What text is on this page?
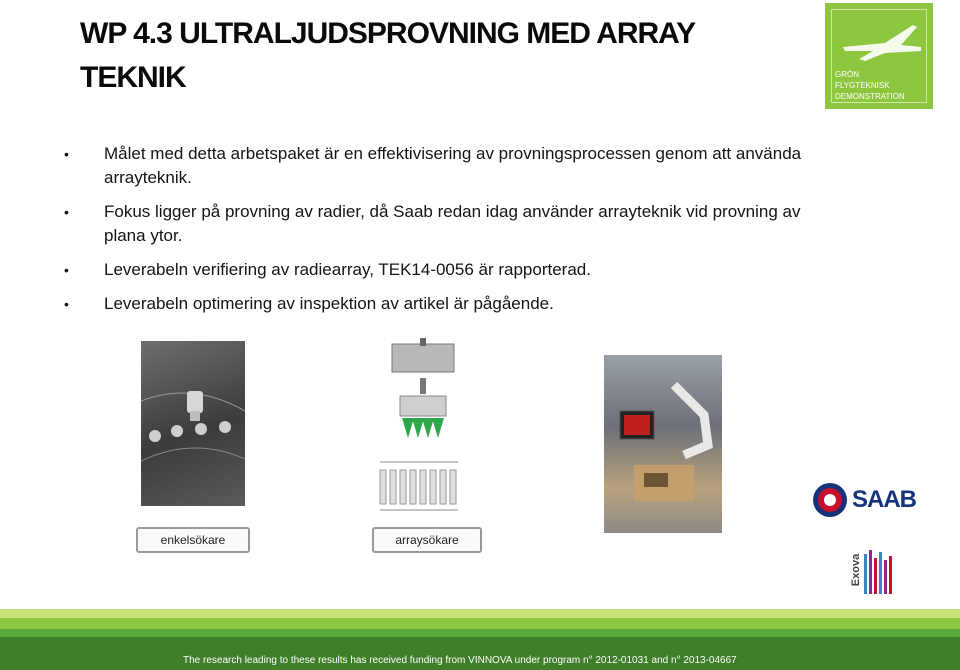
WP 4.3 ULTRALJUDSPROVNING MED ARRAY TEKNIK	GRÖN
FLYGTEKNISK
DEMONSTRATION
• Målet med detta arbetspaket är en effektivisering av provningsprocessen genom att använda arrayteknik.
• Fokus ligger på provning av radier, då Saab redan idag använder arrayteknik vid provning av plana ytor.
• Leverabeln verifiering av radiearray, TEK14-0056 är rapporterad.
• Leverabeln optimering av inspektion av artikel är pågående.
enkelsökare	arraysökare
SAAB
Exova
The research leading to these results has received funding from VINNOVA under program n° 2012-01031 and n° 2013-04667
